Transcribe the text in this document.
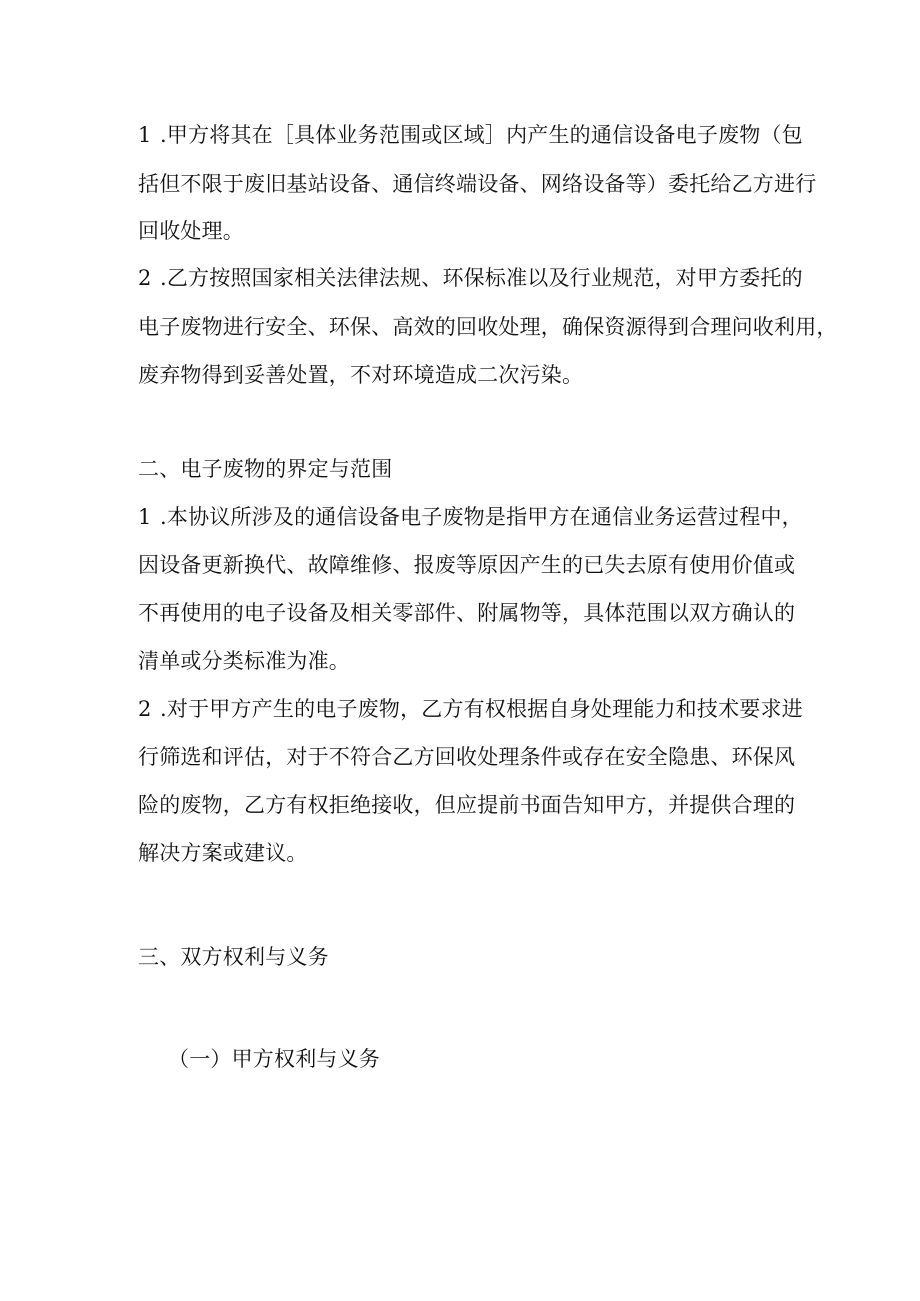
1 .甲方将其在［具体业务范围或区域］内产生的通信设备电子废物（包
括但不限于废旧基站设备、通信终端设备、网络设备等）委托给乙方进行
回收处理。
2 .乙方按照国家相关法律法规、环保标准以及行业规范，对甲方委托的
电子废物进行安全、环保、高效的回收处理，确保资源得到合理问收利用，
废弃物得到妥善处置，不对环境造成二次污染。
二、电子废物的界定与范围
1 .本协议所涉及的通信设备电子废物是指甲方在通信业务运营过程中，
因设备更新换代、故障维修、报废等原因产生的已失去原有使用价值或
不再使用的电子设备及相关零部件、附属物等，具体范围以双方确认的
清单或分类标准为准。
2 .对于甲方产生的电子废物，乙方有权根据自身处理能力和技术要求进
行筛选和评估，对于不符合乙方回收处理条件或存在安全隐患、环保风
险的废物，乙方有权拒绝接收，但应提前书面告知甲方，并提供合理的
解决方案或建议。
三、双方权利与义务
（一）甲方权利与义务
